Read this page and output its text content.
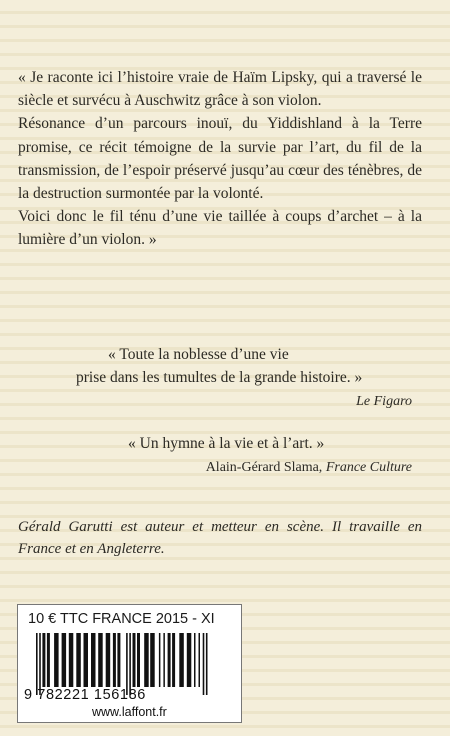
« Je raconte ici l’histoire vraie de Haïm Lipsky, qui a traversé le siècle et survécu à Auschwitz grâce à son violon.

Résonance d’un parcours inouï, du Yiddishland à la Terre promise, ce récit témoigne de la survie par l’art, du fil de la transmission, de l’espoir préservé jusqu’au cœur des ténèbres, de la destruction surmontée par la volonté.

Voici donc le fil ténu d’une vie taillée à coups d’archet – à la lumière d’un violon. »

« Toute la noblesse d’une vie
prise dans les tumultes de la grande histoire. »
Le Figaro
« Un hymne à la vie et à l’art. »
Alain-Gérard Slama, France Culture
Gérald Garutti est auteur et metteur en scène. Il travaille en France et en Angleterre.
10 € TTC FRANCE 2015 - XI
9 782221 156186
www.laffont.fr
